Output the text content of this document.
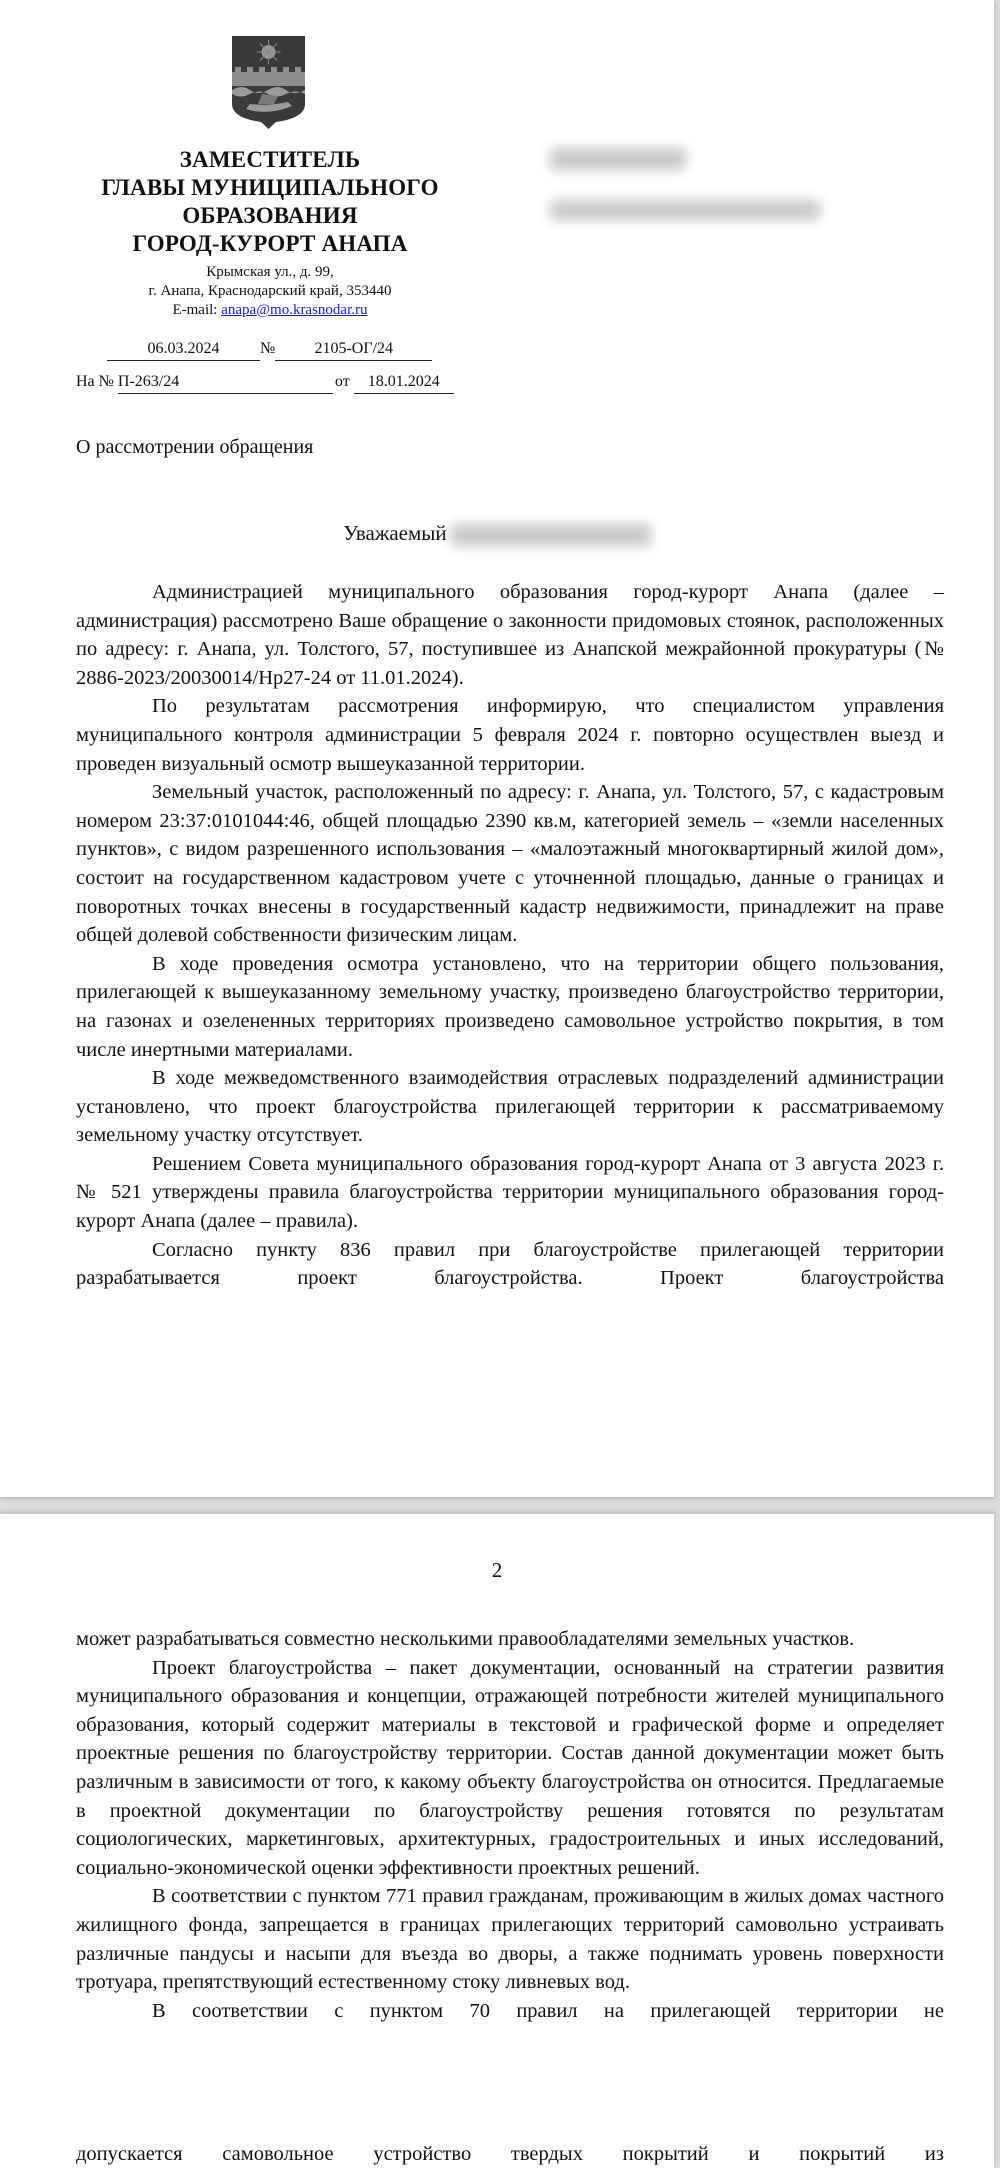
ЗАМЕСТИТЕЛЬ
ГЛАВЫ МУНИЦИПАЛЬНОГО
ОБРАЗОВАНИЯ
ГОРОД-КУРОРТ АНАПА
Крымская ул., д. 99,
г. Анапа, Краснодарский край, 353440
E-mail: anapa@mo.krasnodar.ru
06.03.2024	№ 2105-ОГ/24
На № П-263/24	от 18.01.2024
О рассмотрении обращения
Уважаемый

Администрацией муниципального образования город-курорт Анапа (далее – администрация) рассмотрено Ваше обращение о законности придомовых стоянок, расположенных по адресу: г. Анапа, ул. Толстого, 57, поступившее из Анапской межрайонной прокуратуры (№ 2886-2023/20030014/Нр27-24 от 11.01.2024).

По результатам рассмотрения информирую, что специалистом управления муниципального контроля администрации 5 февраля 2024 г. повторно осуществлен выезд и проведен визуальный осмотр вышеуказанной территории.

Земельный участок, расположенный по адресу: г. Анапа, ул. Толстого, 57, с кадастровым номером 23:37:0101044:46, общей площадью 2390 кв.м, категорией земель – «земли населенных пунктов», с видом разрешенного использования – «малоэтажный многоквартирный жилой дом», состоит на государственном кадастровом учете с уточненной площадью, данные о границах и поворотных точках внесены в государственный кадастр недвижимости, принадлежит на праве общей долевой собственности физическим лицам.

В ходе проведения осмотра установлено, что на территории общего пользования, прилегающей к вышеуказанному земельному участку, произведено благоустройство территории, на газонах и озелененных территориях произведено самовольное устройство покрытия, в том числе инертными материалами.

В ходе межведомственного взаимодействия отраслевых подразделений администрации установлено, что проект благоустройства прилегающей территории к рассматриваемому земельному участку отсутствует.

Решением Совета муниципального образования город-курорт Анапа от 3 августа 2023 г. № 521 утверждены правила благоустройства территории муниципального образования город-курорт Анапа (далее – правила).

Согласно пункту 836 правил при благоустройстве прилегающей территории разрабатывается проект благоустройства. Проект благоустройства

2

может разрабатываться совместно несколькими правообладателями земельных участков.

Проект благоустройства – пакет документации, основанный на стратегии развития муниципального образования и концепции, отражающей потребности жителей муниципального образования, который содержит материалы в текстовой и графической форме и определяет проектные решения по благоустройству территории. Состав данной документации может быть различным в зависимости от того, к какому объекту благоустройства он относится. Предлагаемые в проектной документации по благоустройству решения готовятся по результатам социологических, маркетинговых, архитектурных, градостроительных и иных исследований, социально-экономической оценки эффективности проектных решений.

В соответствии с пунктом 771 правил гражданам, проживающим в жилых домах частного жилищного фонда, запрещается в границах прилегающих территорий самовольно устраивать различные пандусы и насыпи для въезда во дворы, а также поднимать уровень поверхности тротуара, препятствующий естественному стоку ливневых вод.

В соответствии с пунктом 70 правил на прилегающей территории не

допускается самовольное устройство твердых покрытий и покрытий из
